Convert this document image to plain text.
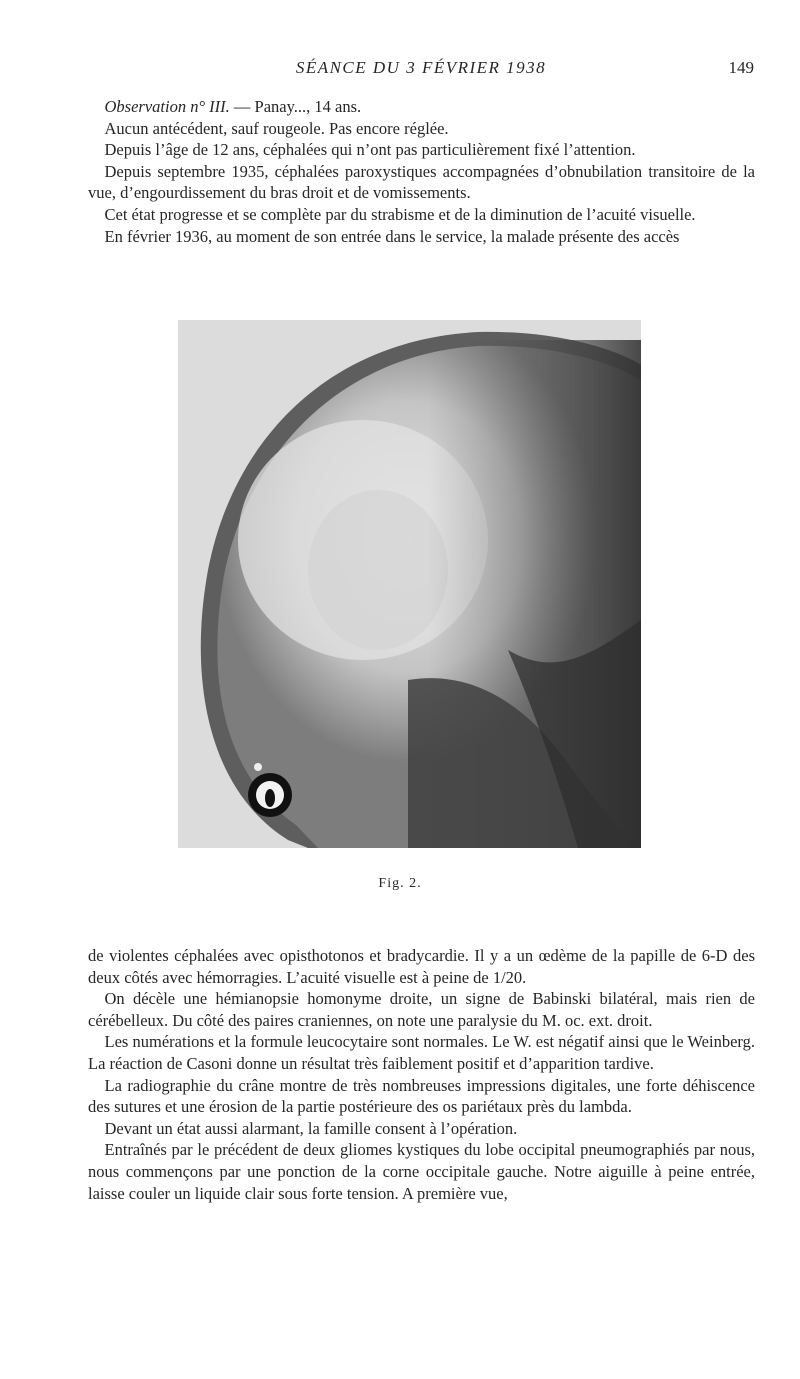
SÉANCE DU 3 FÉVRIER 1938	149

 Observation n° III. — Panay..., 14 ans.

 Aucun antécédent, sauf rougeole. Pas encore réglée.

 Depuis l’âge de 12 ans, céphalées qui n’ont pas particulièrement fixé l’attention.

 Depuis septembre 1935, céphalées paroxystiques accompagnées d’obnubilation transitoire de la vue, d’engourdissement du bras droit et de vomissements.

 Cet état progresse et se complète par du strabisme et de la diminution de l’acuité visuelle.

 En février 1936, au moment de son entrée dans le service, la malade présente des accès

Fig. 2.

de violentes céphalées avec opisthotonos et bradycardie. Il y a un œdème de la papille de 6-D des deux côtés avec hémorragies. L’acuité visuelle est à peine de 1/20.

 On décèle une hémianopsie homonyme droite, un signe de Babinski bilatéral, mais rien de cérébelleux. Du côté des paires craniennes, on note une paralysie du M. oc. ext. droit.

 Les numérations et la formule leucocytaire sont normales. Le W. est négatif ainsi que le Weinberg. La réaction de Casoni donne un résultat très faiblement positif et d’apparition tardive.

 La radiographie du crâne montre de très nombreuses impressions digitales, une forte déhiscence des sutures et une érosion de la partie postérieure des os pariétaux près du lambda.

 Devant un état aussi alarmant, la famille consent à l’opération.

 Entraînés par le précédent de deux gliomes kystiques du lobe occipital pneumographiés par nous, nous commençons par une ponction de la corne occipitale gauche. Notre aiguille à peine entrée, laisse couler un liquide clair sous forte tension. A première vue,
